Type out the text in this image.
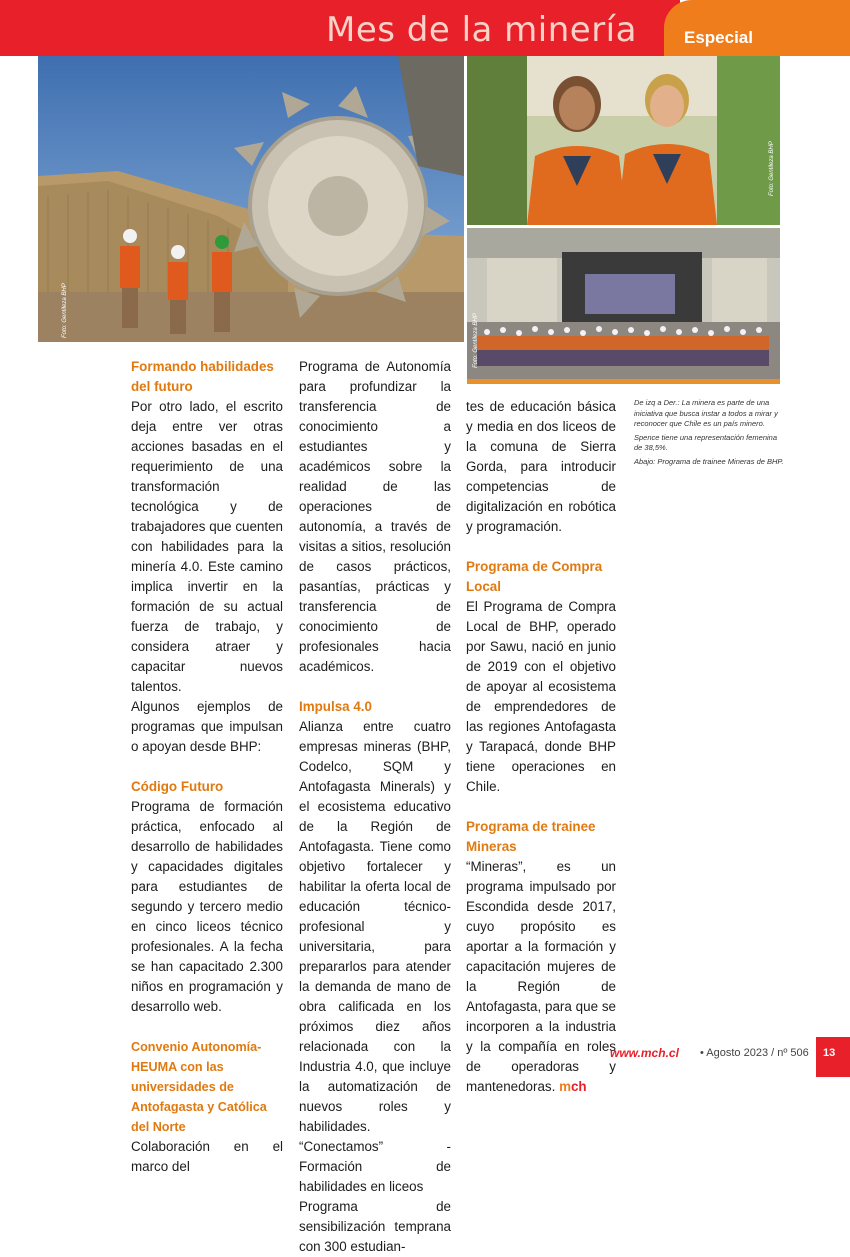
Mes de la minería	Especial
Foto: Gentileza BHP
Foto: Gentileza BHP
Foto: Gentileza BHP

De izq a Der.: La minera es parte de una iniciativa que busca instar a todos a mirar y reconocer que Chile es un país minero.

Spence tiene una representación femenina de 38,5%.

Abajo: Programa de trainee Mineras de BHP.

Formando habilidades del futuro

Por otro lado, el escrito deja entre ver otras acciones basadas en el requerimiento de una transformación tecnológica y de trabajadores que cuenten con habilidades para la minería 4.0. Este camino implica invertir en la formación de su actual fuerza de trabajo, y considera atraer y capacitar nuevos talentos.

Algunos ejemplos de programas que impulsan o apoyan desde BHP:

Código Futuro

Programa de formación práctica, enfocado al desarrollo de habilidades y capacidades digitales para estudiantes de segundo y tercero medio en cinco liceos técnico profesionales. A la fecha se han capacitado 2.300 niños en programación y desarrollo web.

Convenio Autonomía-HEUMA con las universidades de Antofagasta y Católica del Norte

Colaboración en el marco del

Programa de Autonomía para profundizar la transferencia de conocimiento a estudiantes y académicos sobre la realidad de las operaciones de autonomía, a través de visitas a sitios, resolución de casos prácticos, pasantías, prácticas y transferencia de conocimiento de profesionales hacia académicos.

Impulsa 4.0

Alianza entre cuatro empresas mineras (BHP, Codelco, SQM y Antofagasta Minerals) y el ecosistema educativo de la Región de Antofagasta. Tiene como objetivo fortalecer y habilitar la oferta local de educación técnico-profesional y universitaria, para prepararlos para atender la demanda de mano de obra calificada en los próximos diez años relacionada con la Industria 4.0, que incluye la automatización de nuevos roles y habilidades.

“Conectamos” - Formación de habilidades en liceos

Programa de sensibilización temprana con 300 estudian-

tes de educación básica y media en dos liceos de la comuna de Sierra Gorda, para introducir competencias de digitalización en robótica y programación.

Programa de Compra Local

El Programa de Compra Local de BHP, operado por Sawu, nació en junio de 2019 con el objetivo de apoyar al ecosistema de emprendedores de las regiones Antofagasta y Tarapacá, donde BHP tiene operaciones en Chile.

Programa de trainee Mineras

“Mineras”, es un programa impulsado por Escondida desde 2017, cuyo propósito es aportar a la formación y capacitación mujeres de la Región de Antofagasta, para que se incorporen a la industria y la compañía en roles de operadoras y mantenedoras. mch

www.mch.cl • Agosto 2023 / nº 506 13
